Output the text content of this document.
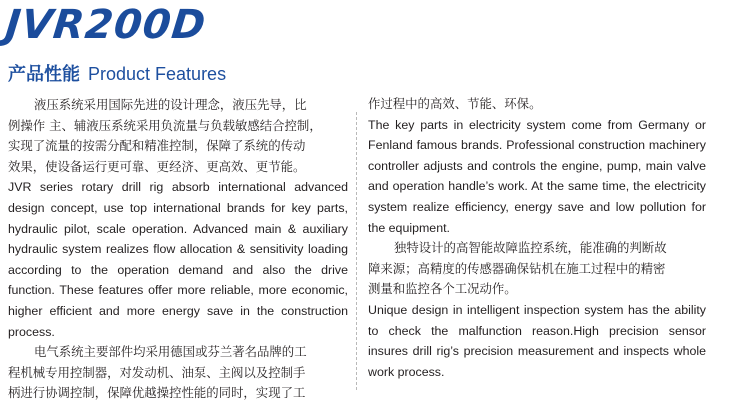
JVR200D
产品性能 Product Features

液压系统采用国际先进的设计理念，液压先导，比
例操作 主、辅液压系统采用负流量与负载敏感结合控制，
实现了流量的按需分配和精准控制，保障了系统的传动
效果，使设备运行更可靠、更经济、更高效、更节能。

JVR series rotary drill rig absorb international advanced design concept, use top international brands for key parts, hydraulic pilot, scale operation. Advanced main & auxiliary hydraulic system realizes flow allocation & sensitivity loading according to the operation demand and also the drive function. These features offer more reliable, more economic, higher efficient and more energy save in the construction process.

电气系统主要部件均采用德国或芬兰著名品牌的工
程机械专用控制器，对发动机、油泵、主阀以及控制手
柄进行协调控制，保障优越操控性能的同时，实现了工

作过程中的高效、节能、环保。

The key parts in electricity system come from Germany or Fenland famous brands. Professional construction machinery controller adjusts and controls the engine, pump, main valve and operation handle’s work. At the same time, the electricity system realize efficiency, energy save and low pollution for the equipment.

独特设计的高智能故障监控系统，能准确的判断故
障来源；高精度的传感器确保钻机在施工过程中的精密
测量和监控各个工况动作。

Unique design in intelligent inspection system has the ability to check the malfunction reason.High precision sensor insures drill rig’s precision measurement and inspects whole work process.
